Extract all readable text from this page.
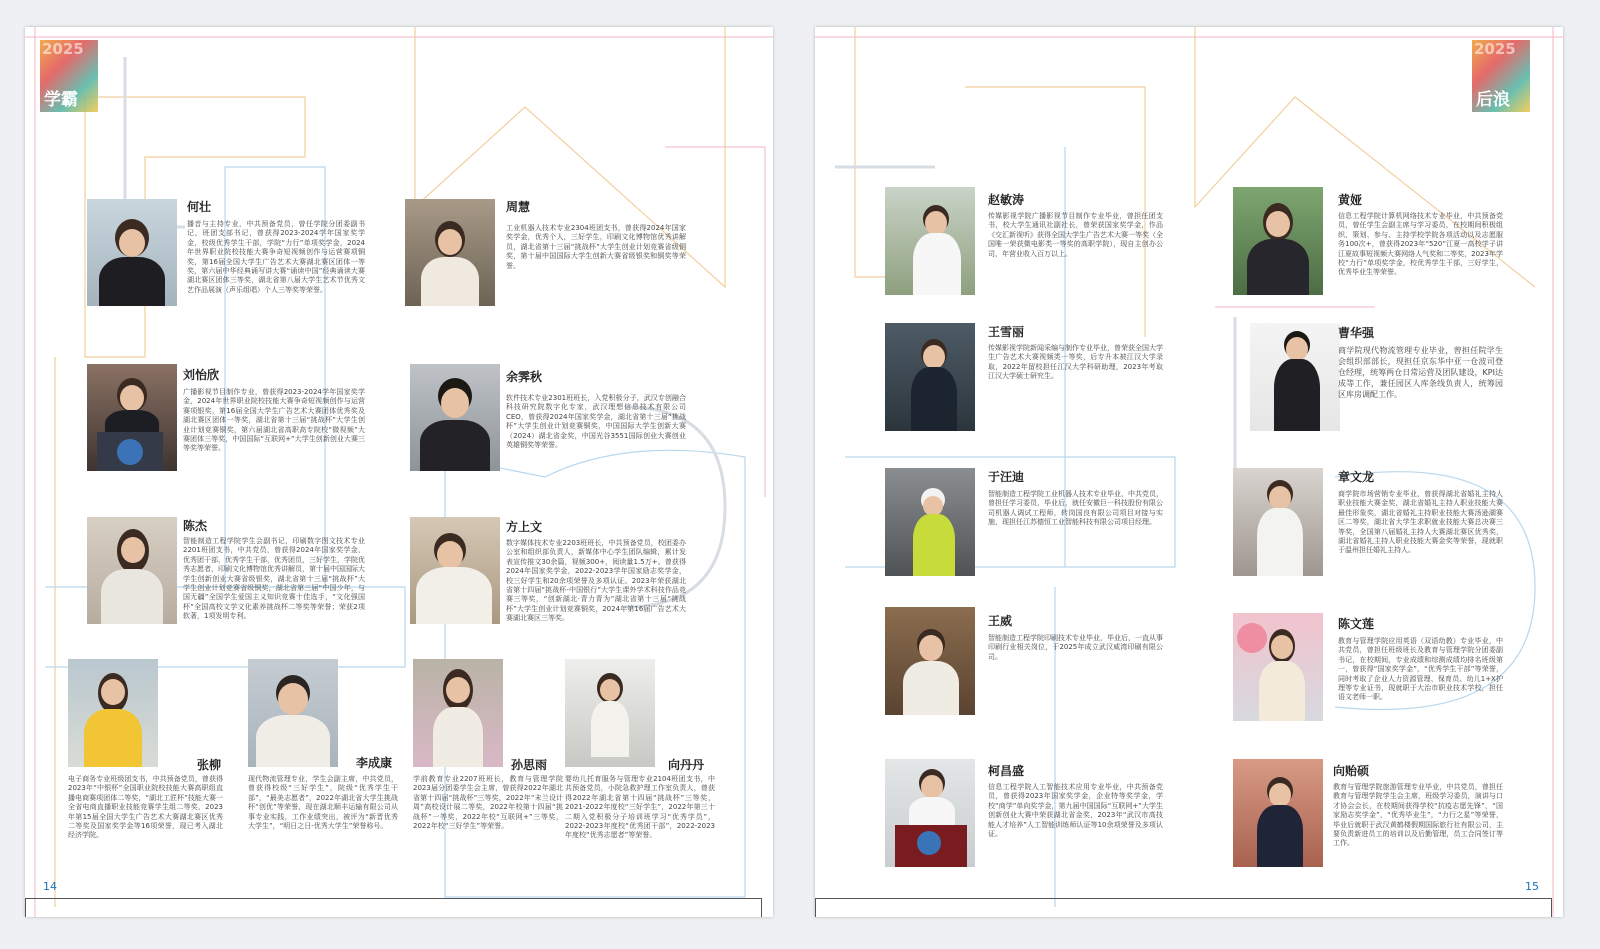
2025
学霸
何壮
播音与主持专业，中共预备党员，曾任学院分团委副书记，班团支部书记，曾获得2023-2024学年国家奖学金，校级优秀学生干部，学院“力行”单项奖学金，2024年世界职业院校技能大赛争奇短视频创作与运营赛项铜奖，第16届全国大学生广告艺术大赛湖北赛区团体一等奖，第六届中华经典诵写讲大赛“诵读中国”经典诵读大赛湖北赛区团体三等奖，湖北省第八届大学生艺术节优秀文艺作品展演（声乐组唱）个人三等奖等荣誉。
周慧
工业机器人技术专业2304班团支书，曾获得2024年国家奖学金，优秀个人，三好学生，印刷文化博物馆优秀讲解员，湖北省第十三届“挑战杯”大学生创业计划竞赛省级铜奖，第十届中国国际大学生创新大赛省级银奖和铜奖等荣誉。
刘怡欣
广播影视节目制作专业，曾获得2023-2024学年国家奖学金，2024年世界职业院校技能大赛争奇短视频创作与运营赛项银奖，第16届全国大学生广告艺术大赛团体优秀奖及湖北赛区团体一等奖，湖北省第十三届“挑战杯”大学生创业计划竞赛铜奖，第六届湖北省高职高专院校“微视频”大赛团体三等奖，中国国际“互联网+”大学生创新创业大赛三等奖等荣誉。
余霁秋
软件技术专业2301班班长，入党积极分子，武汉专创融合科技研究院数字化专家，武汉理想信息技术有限公司CEO，曾获得2024年国家奖学金，湖北省第十三届“挑战杯”大学生创业计划竞赛铜奖，中国国际大学生创新大赛（2024）湖北省金奖，中国光谷3551国际创业大赛创业英雄铜奖等荣誉。
陈杰
智能制造工程学院学生会副书记，印刷数字图文技术专业2201班团支书，中共党员，曾获得2024年国家奖学金，优秀团干部，优秀学生干部，优秀团员，三好学生，学院优秀志愿者，印刷文化博物馆优秀讲解员，第十届中国国际大学生创新创业大赛省级银奖，湖北省第十三届“挑战杯”大学生创业计划竞赛省级铜奖，湖北省第三届“中国少年，与国无疆”全国学生爱国主义知识竞赛十佳选手，“文化强国杯”全国高校文学文化素养挑战杯二等奖等荣誉；荣获2项软著，1项发明专利。
方上文
数字媒体技术专业2203班班长，中共预备党员，校团委办公室和组织部负责人，新媒体中心学生团队编辑，累计发表宣传推文30余篇，视频300+，阅读量1.5万+。曾获得2024年国家奖学金，2022-2023学年国家励志奖学金，校三好学生和20余项荣誉及多项认证。2023年荣获湖北省第十四届“挑战杯-中国银行”大学生课外学术科技作品竞赛三等奖，“创新湖北·青力青为”湖北省第十三届“挑战杯”大学生创业计划竞赛铜奖，2024年第16届广告艺术大赛湖北赛区三等奖。
张柳
电子商务专业班级团支书，中共预备党员，曾获得2023年“中银杯”全国职业院校技能大赛高职组直播电商赛项团体二等奖，“湖北工匠杯”技能大赛一全省电商直播职业技能竞赛学生组二等奖，2023年第15届全国大学生广告艺术大赛湖北赛区优秀二等奖及国家奖学金等16项荣誉，现已考入湖北经济学院。
李成康
现代物流管理专业，学生会副主席，中共党员，曾获得校级“三好学生”，院级“优秀学生干部”，“最美志愿者”，2022年湖北省大学生挑战杯“创优”等荣誉，现在湖北顺丰运输有限公司从事专业实践，工作业绩突出，被评为“新晋优秀大学生”，“明日之日-优秀大学生”荣誉称号。
孙思雨
学前教育专业2207班班长，教育与管理学院2023届分团委学生会主席，曾获得2022年湖北省第十四届“挑战杯”三等奖，2022年“未兰设计周”高校设计展二等奖，2022年校第十四届“挑战杯”一等奖，2022年校“互联网+”三等奖，2022年校“三好学生”等荣誉。
向丹丹
婴幼儿托育服务与管理专业2104班团支书，中共预备党员，小院急救护理工作室负责人，曾获得2022年湖北省第十四届“挑战杯”三等奖，2021-2022年度校“三好学生”，2022年第三十二期入党积极分子培训班学习“优秀学员”，2022-2023年度校“优秀团干部”，2022-2023年度校“优秀志愿者”等荣誉。
14
2025
后浪
赵敏涛
传媒影视学院广播影视节目制作专业毕业，曾担任团支书，校大学生通讯社副社长，曾荣获国家奖学金，作品《交汇新视听》获得全国大学生广告艺术大赛一等奖（全国唯一荣获微电影类一等奖的高职学院），现自主创办公司，年营业收入百万以上。
黄娅
信息工程学院计算机网络技术专业毕业，中共预备党员，曾任学生会副主席与学习委员，在校期间积极组织、策划、参与、主持学校学院各项活动以及志愿服务100次+，曾获得2023年“520”江夏一高校学子讲江夏故事短视频大赛网络人气奖和二等奖，2023年学校“力行”单项奖学金，校优秀学生干部，三好学生，优秀毕业生等荣誉。
王雪丽
传媒影视学院新闻采编与制作专业毕业，曾荣获全国大学生广告艺术大赛视频类一等奖，后专升本被江汉大学录取，2022年留校担任江汉大学科研助理，2023年考取江汉大学硕士研究生。
曹华强
商学院现代物流管理专业毕业，曾担任院学生会组织部部长，现担任京东华中亚一仓波司登仓经理，统筹两仓日常运营及团队建设，KPI达成等工作，兼任园区人库条线负责人，统筹园区库房调配工作。
于汪迪
智能制造工程学院工业机器人技术专业毕业，中共党员，曾担任学习委员，毕业后，就任安徽巨一科技股份有限公司机器人调试工程师，转岗国良有限公司项目对接与实施，现担任江苏德恒工业智能科技有限公司项目经理。
章文龙
商学院市场营销专业毕业，曾获得湖北省婚礼主持人职业技能大赛金奖，湖北省婚礼主持人职业技能大赛最佳形象奖，湖北省婚礼主持职业技能大赛汤逊湖赛区二等奖，湖北省大学生求职就业技能大赛总决赛三等奖，全国第八届婚礼主持人大赛湖北赛区优秀奖，湖北省婚礼主持人职业技能大赛金奖等荣誉，现就职于温州担任婚礼主持人。
王威
智能制造工程学院印刷技术专业毕业，毕业后，一直从事印刷行业相关岗位，于2025年成立武汉威湾印刷有限公司。
陈文莲
教育与管理学院应用英语（双语幼教）专业毕业，中共党员，曾担任班级班长及教育与管理学院分团委副书记，在校期间，专业成绩和综测成绩均排名班级第一，曾获得“国家奖学金”，“优秀学生干部”等荣誉，同时考取了企业人力资源管理、保育员、幼儿1+X护理等专业证书，现就职于大治市职业技术学校，担任语文老师一职。
柯昌盛
信息工程学院人工智能技术应用专业毕业，中共预备党员，曾获得2023年国家奖学金，企业特等奖学金，学校“商学”单向奖学金，第九届中国国际“互联网+”大学生创新创业大赛中荣获湖北省金奖，2023年“武汉市高技能人才培养”人工智能训练师认证等10余项荣誉及多项认证。
向贻硕
教育与管理学院旅游管理专业毕业，中共党员，曾担任教育与管理学院学生会主席，班级学习委员，演讲与口才协会会长，在校期间获得学校“抗疫志愿先锋”，“国家励志奖学金”，“优秀毕业生”，“力行之星”等荣誉，毕业后就职于武汉黄鹤楼假期国际旅行社有限公司，主要负责新进员工的培训以及后勤管理，员工合同签订等工作。
15
